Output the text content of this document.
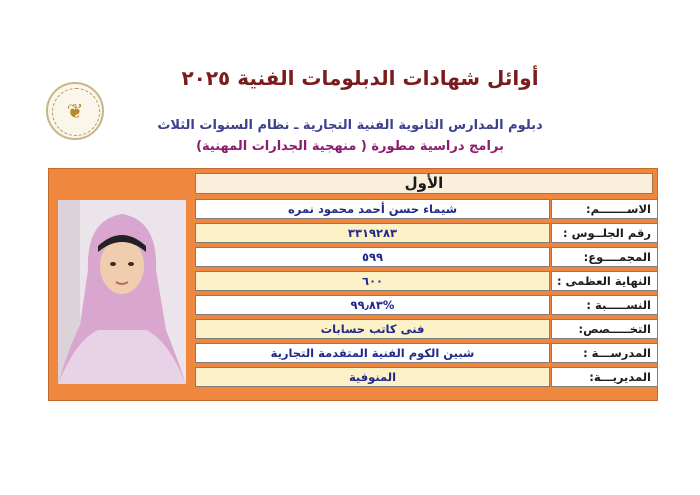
❦
أوائل شهادات الدبلومات الفنية ٢٠٢٥
دبلوم المدارس الثانوية الفنية التجارية ـ نظام السنوات الثلاث
برامج دراسية مطورة ( منهجية الجدارات المهنية)
الأول
شيماء حسن أحمد محمود نمره	الاســـــــم:
٣٣١٩٢٨٣	رقم الجلــوس :
٥٩٩	المجمــــوع:
٦٠٠	النهاية العظمى :
%٩٩٫٨٣	النســـــبة :
فنى كاتب حسابات	التخـــــصص:
شبين الكوم الفنية المتقدمة التجارية	المدرســـة :
المنوفية	المديريـــة:
